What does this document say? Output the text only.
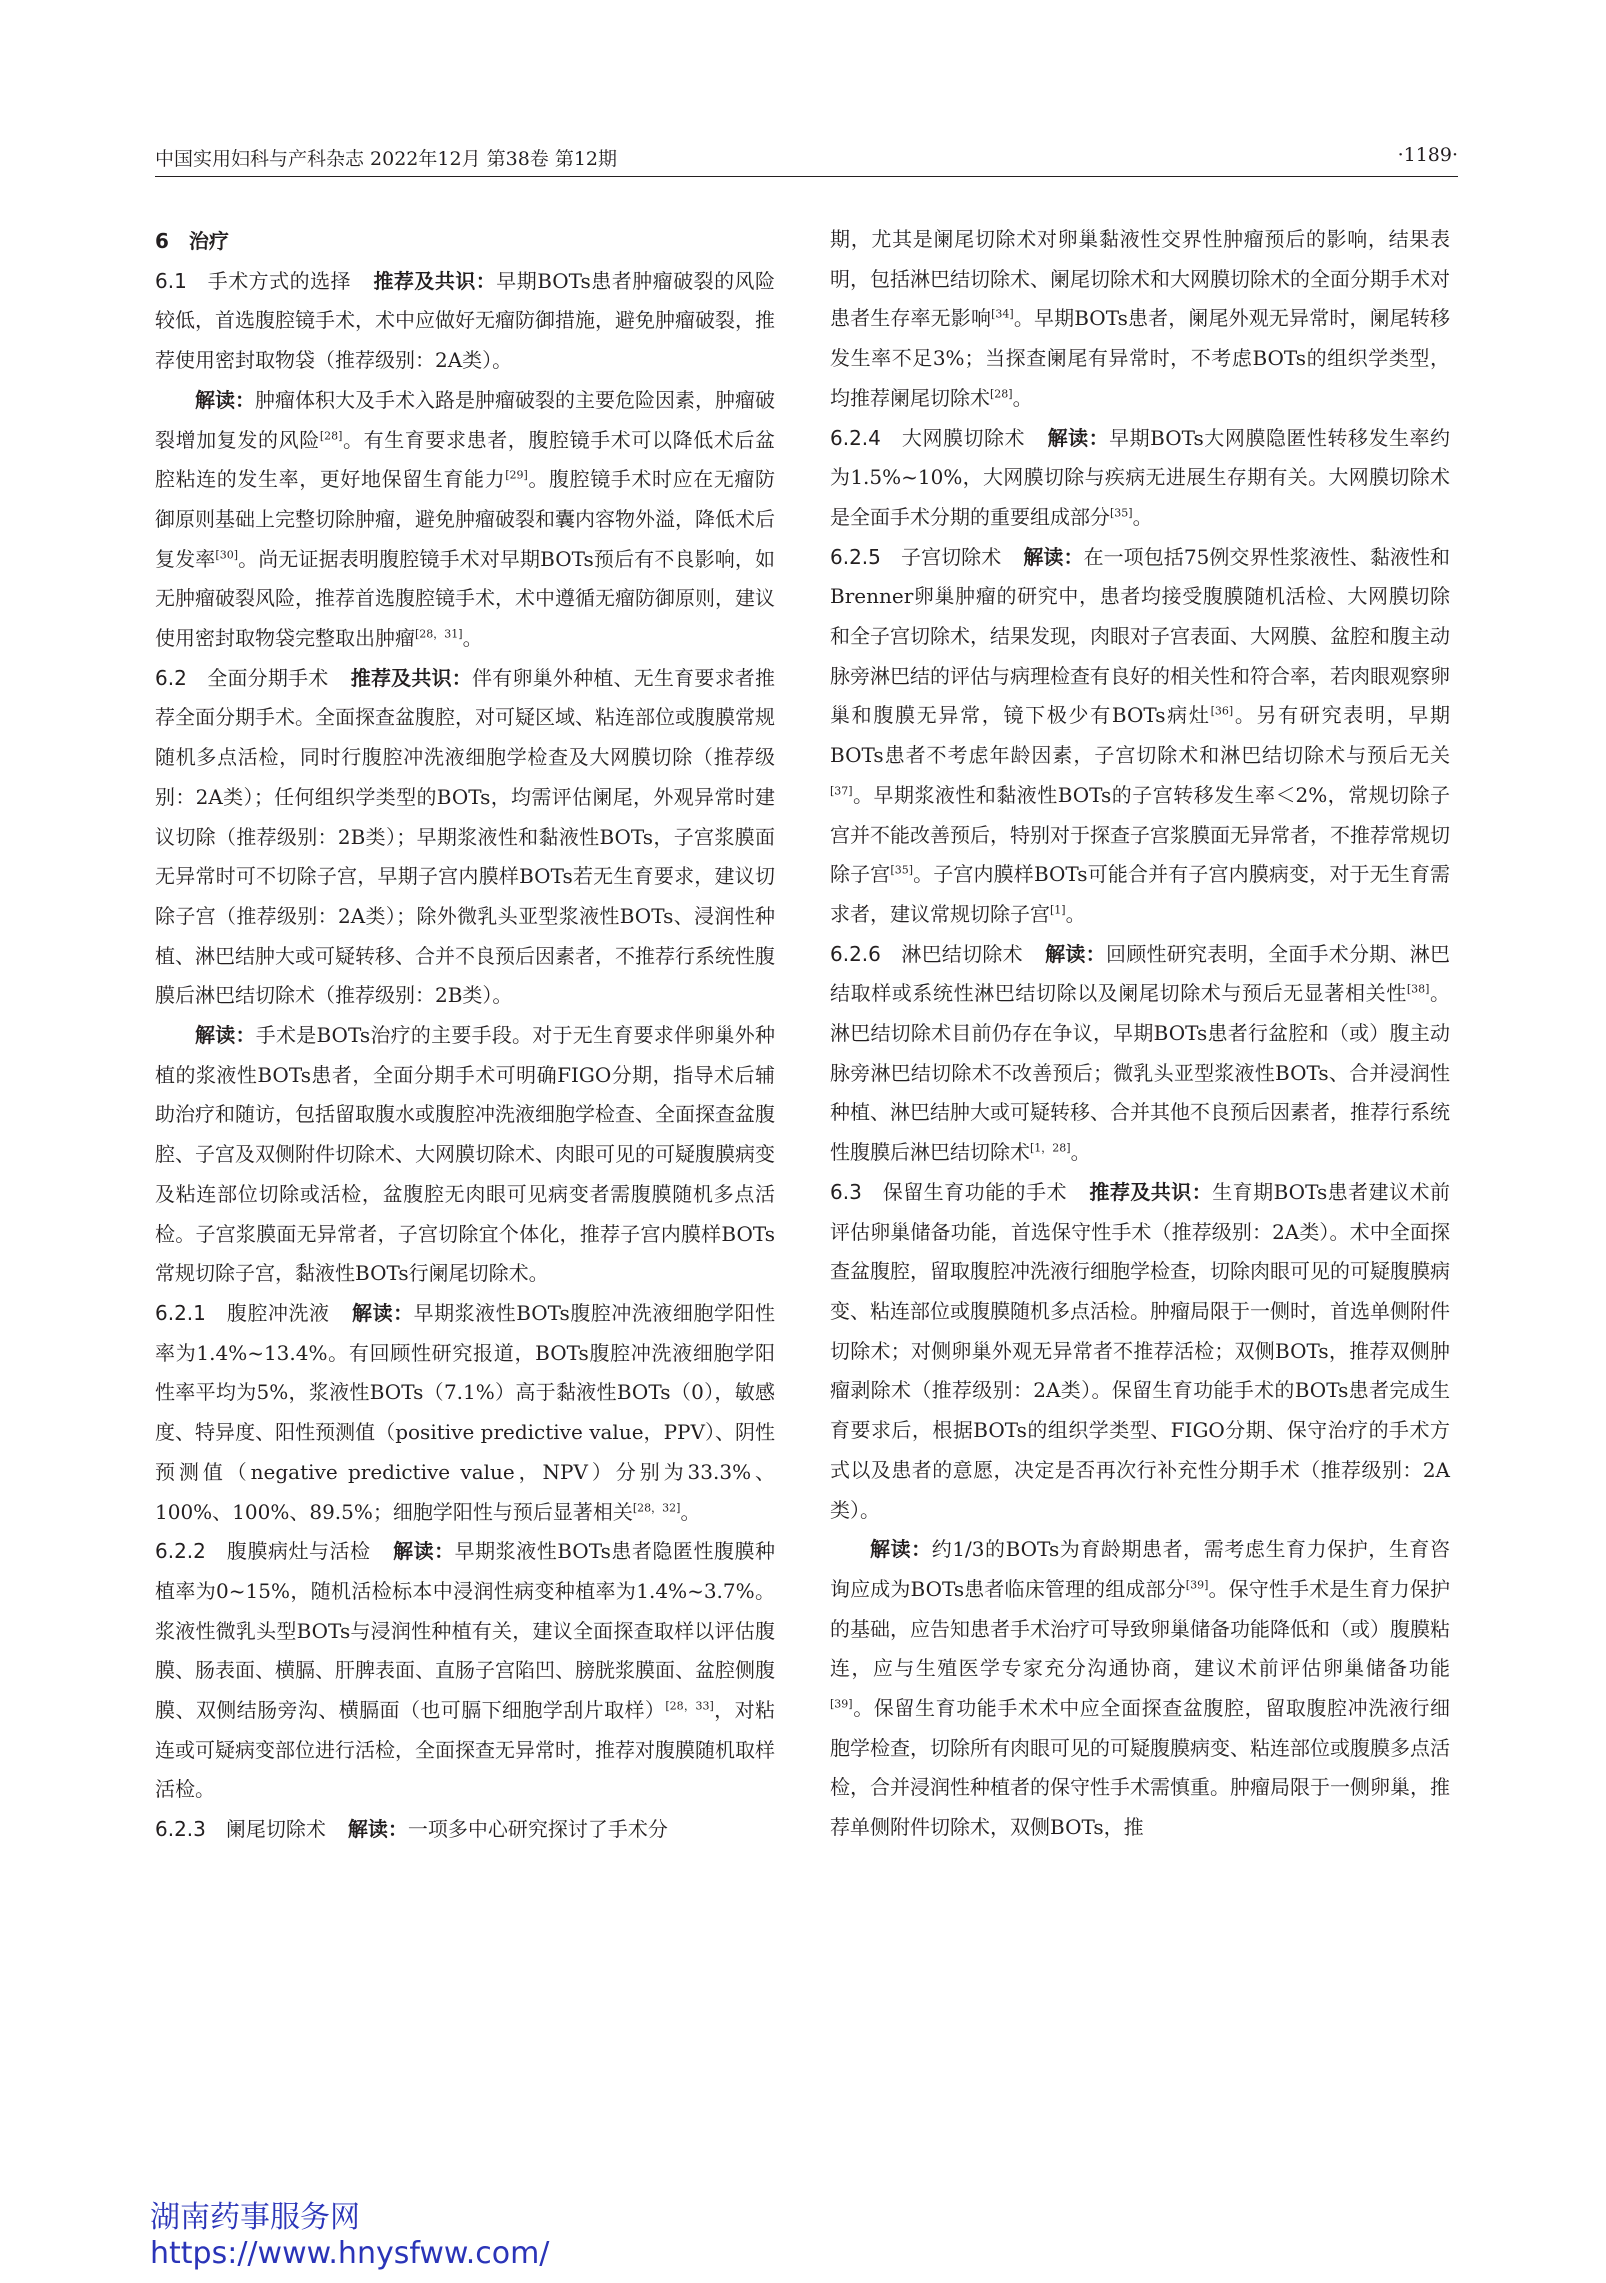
中国实用妇科与产科杂志 2022年12月 第38卷 第12期	·1189·

6　治疗

6.1　手术方式的选择 推荐及共识：早期BOTs患者肿瘤破裂的风险较低，首选腹腔镜手术，术中应做好无瘤防御措施，避免肿瘤破裂，推荐使用密封取物袋（推荐级别：2A类）。

解读：肿瘤体积大及手术入路是肿瘤破裂的主要危险因素，肿瘤破裂增加复发的风险[28]。有生育要求患者，腹腔镜手术可以降低术后盆腔粘连的发生率，更好地保留生育能力[29]。腹腔镜手术时应在无瘤防御原则基础上完整切除肿瘤，避免肿瘤破裂和囊内容物外溢，降低术后复发率[30]。尚无证据表明腹腔镜手术对早期BOTs预后有不良影响，如无肿瘤破裂风险，推荐首选腹腔镜手术，术中遵循无瘤防御原则，建议使用密封取物袋完整取出肿瘤[28，31]。

6.2　全面分期手术 推荐及共识：伴有卵巢外种植、无生育要求者推荐全面分期手术。全面探查盆腹腔，对可疑区域、粘连部位或腹膜常规随机多点活检，同时行腹腔冲洗液细胞学检查及大网膜切除（推荐级别：2A类）；任何组织学类型的BOTs，均需评估阑尾，外观异常时建议切除（推荐级别：2B类）；早期浆液性和黏液性BOTs，子宫浆膜面无异常时可不切除子宫，早期子宫内膜样BOTs若无生育要求，建议切除子宫（推荐级别：2A类）；除外微乳头亚型浆液性BOTs、浸润性种植、淋巴结肿大或可疑转移、合并不良预后因素者，不推荐行系统性腹膜后淋巴结切除术（推荐级别：2B类）。

解读：手术是BOTs治疗的主要手段。对于无生育要求伴卵巢外种植的浆液性BOTs患者，全面分期手术可明确FIGO分期，指导术后辅助治疗和随访，包括留取腹水或腹腔冲洗液细胞学检查、全面探查盆腹腔、子宫及双侧附件切除术、大网膜切除术、肉眼可见的可疑腹膜病变及粘连部位切除或活检，盆腹腔无肉眼可见病变者需腹膜随机多点活检。子宫浆膜面无异常者，子宫切除宜个体化，推荐子宫内膜样BOTs常规切除子宫，黏液性BOTs行阑尾切除术。

6.2.1　腹腔冲洗液 解读：早期浆液性BOTs腹腔冲洗液细胞学阳性率为1.4%~13.4%。有回顾性研究报道，BOTs腹腔冲洗液细胞学阳性率平均为5%，浆液性BOTs（7.1%）高于黏液性BOTs（0），敏感度、特异度、阳性预测值（positive predictive value，PPV）、阴性预测值（negative predictive value，NPV）分别为33.3%、100%、100%、89.5%；细胞学阳性与预后显著相关[28，32]。

6.2.2　腹膜病灶与活检 解读：早期浆液性BOTs患者隐匿性腹膜种植率为0~15%，随机活检标本中浸润性病变种植率为1.4%~3.7%。浆液性微乳头型BOTs与浸润性种植有关，建议全面探查取样以评估腹膜、肠表面、横膈、肝脾表面、直肠子宫陷凹、膀胱浆膜面、盆腔侧腹膜、双侧结肠旁沟、横膈面（也可膈下细胞学刮片取样）[28，33]，对粘连或可疑病变部位进行活检，全面探查无异常时，推荐对腹膜随机取样活检。

6.2.3　阑尾切除术 解读：一项多中心研究探讨了手术分

期，尤其是阑尾切除术对卵巢黏液性交界性肿瘤预后的影响，结果表明，包括淋巴结切除术、阑尾切除术和大网膜切除术的全面分期手术对患者生存率无影响[34]。早期BOTs患者，阑尾外观无异常时，阑尾转移发生率不足3%；当探查阑尾有异常时，不考虑BOTs的组织学类型，均推荐阑尾切除术[28]。

6.2.4　大网膜切除术 解读：早期BOTs大网膜隐匿性转移发生率约为1.5%~10%，大网膜切除与疾病无进展生存期有关。大网膜切除术是全面手术分期的重要组成部分[35]。

6.2.5　子宫切除术 解读：在一项包括75例交界性浆液性、黏液性和Brenner卵巢肿瘤的研究中，患者均接受腹膜随机活检、大网膜切除和全子宫切除术，结果发现，肉眼对子宫表面、大网膜、盆腔和腹主动脉旁淋巴结的评估与病理检查有良好的相关性和符合率，若肉眼观察卵巢和腹膜无异常，镜下极少有BOTs病灶[36]。另有研究表明，早期BOTs患者不考虑年龄因素，子宫切除术和淋巴结切除术与预后无关[37]。早期浆液性和黏液性BOTs的子宫转移发生率＜2%，常规切除子宫并不能改善预后，特别对于探查子宫浆膜面无异常者，不推荐常规切除子宫[35]。子宫内膜样BOTs可能合并有子宫内膜病变，对于无生育需求者，建议常规切除子宫[1]。

6.2.6　淋巴结切除术 解读：回顾性研究表明，全面手术分期、淋巴结取样或系统性淋巴结切除以及阑尾切除术与预后无显著相关性[38]。淋巴结切除术目前仍存在争议，早期BOTs患者行盆腔和（或）腹主动脉旁淋巴结切除术不改善预后；微乳头亚型浆液性BOTs、合并浸润性种植、淋巴结肿大或可疑转移、合并其他不良预后因素者，推荐行系统性腹膜后淋巴结切除术[1，28]。

6.3　保留生育功能的手术 推荐及共识：生育期BOTs患者建议术前评估卵巢储备功能，首选保守性手术（推荐级别：2A类）。术中全面探查盆腹腔，留取腹腔冲洗液行细胞学检查，切除肉眼可见的可疑腹膜病变、粘连部位或腹膜随机多点活检。肿瘤局限于一侧时，首选单侧附件切除术；对侧卵巢外观无异常者不推荐活检；双侧BOTs，推荐双侧肿瘤剥除术（推荐级别：2A类）。保留生育功能手术的BOTs患者完成生育要求后，根据BOTs的组织学类型、FIGO分期、保守治疗的手术方式以及患者的意愿，决定是否再次行补充性分期手术（推荐级别：2A类）。

解读：约1/3的BOTs为育龄期患者，需考虑生育力保护，生育咨询应成为BOTs患者临床管理的组成部分[39]。保守性手术是生育力保护的基础，应告知患者手术治疗可导致卵巢储备功能降低和（或）腹膜粘连，应与生殖医学专家充分沟通协商，建议术前评估卵巢储备功能[39]。保留生育功能手术术中应全面探查盆腹腔，留取腹腔冲洗液行细胞学检查，切除所有肉眼可见的可疑腹膜病变、粘连部位或腹膜多点活检，合并浸润性种植者的保守性手术需慎重。肿瘤局限于一侧卵巢，推荐单侧附件切除术，双侧BOTs，推

湖南药事服务网
https://www.hnysfww.com/
